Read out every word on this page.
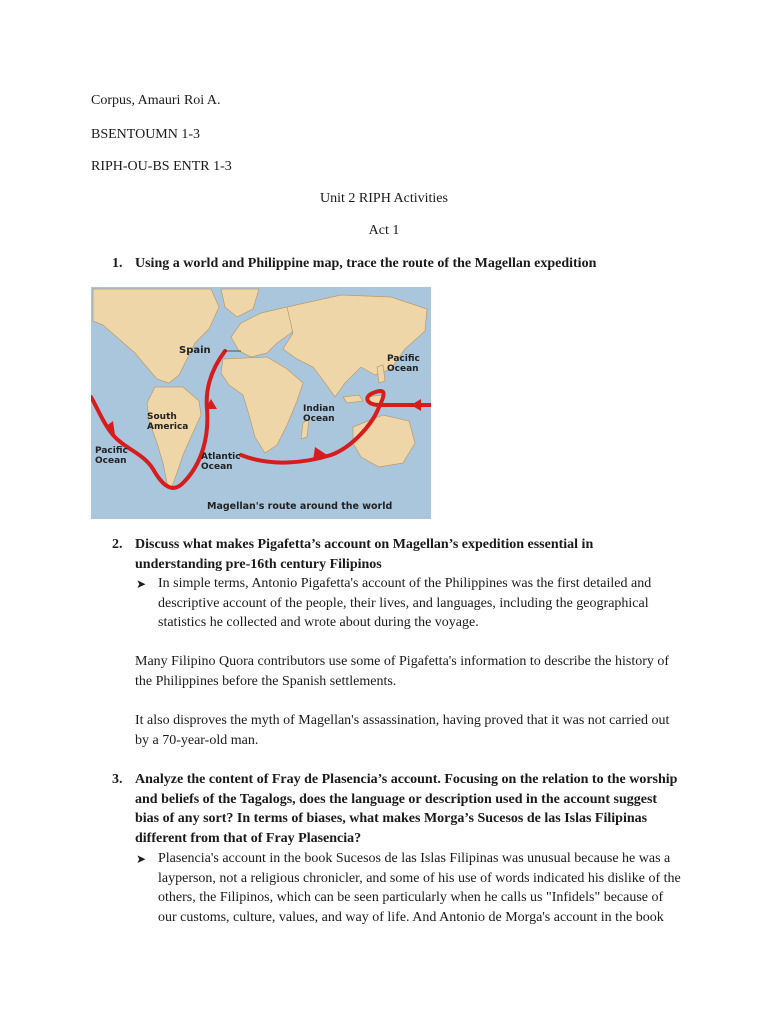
Corpus, Amauri Roi A.
BSENTOUMN 1-3
RIPH-OU-BS ENTR 1-3
Unit 2 RIPH Activities
Act 1
1. Using a world and Philippine map, trace the route of the Magellan expedition
Spain
Pacific
Ocean
South
America
Indian
Ocean
Pacific
Ocean	Atlantic
Ocean
Magellan's route around the world
2. Discuss what makes Pigafetta’s account on Magellan’s expedition essential in
understanding pre-16th century Filipinos
➤ In simple terms, Antonio Pigafetta's account of the Philippines was the first detailed and
descriptive account of the people, their lives, and languages, including the geographical
statistics he collected and wrote about during the voyage.
Many Filipino Quora contributors use some of Pigafetta's information to describe the history of
the Philippines before the Spanish settlements.
It also disproves the myth of Magellan's assassination, having proved that it was not carried out
by a 70-year-old man.
3. Analyze the content of Fray de Plasencia’s account. Focusing on the relation to the worship
and beliefs of the Tagalogs, does the language or description used in the account suggest
bias of any sort? In terms of biases, what makes Morga’s Sucesos de las Islas Filipinas
different from that of Fray Plasencia?
➤ Plasencia's account in the book Sucesos de las Islas Filipinas was unusual because he was a
layperson, not a religious chronicler, and some of his use of words indicated his dislike of the
others, the Filipinos, which can be seen particularly when he calls us "Infidels" because of
our customs, culture, values, and way of life. And Antonio de Morga's account in the book
